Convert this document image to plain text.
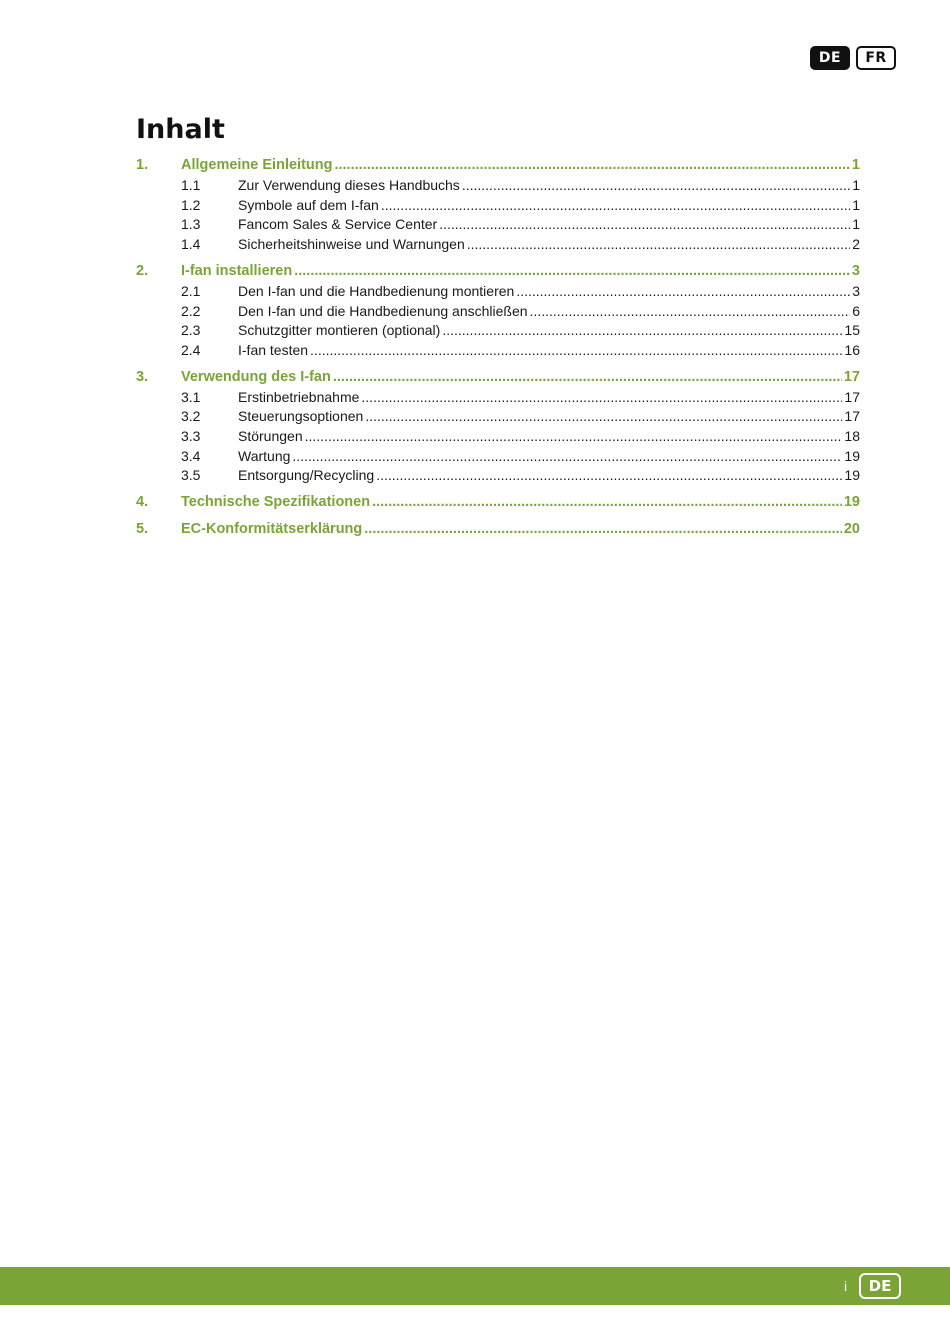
DE	FR
Inhalt
1.	Allgemeine Einleitung .....	1
1.1	Zur Verwendung dieses Handbuchs .....	1
1.2	Symbole auf dem I-fan .....	1
1.3	Fancom Sales & Service Center .....	1
1.4	Sicherheitshinweise und Warnungen .....	2
2.	I-fan installieren .....	3
2.1	Den I-fan und die Handbedienung montieren .....	3
2.2	Den I-fan und die Handbedienung anschließen .....	6
2.3	Schutzgitter montieren (optional) .....	15
2.4	I-fan testen .....	16
3.	Verwendung des I-fan .....	17
3.1	Erstinbetriebnahme .....	17
3.2	Steuerungsoptionen .....	17
3.3	Störungen .....	18
3.4	Wartung .....	19
3.5	Entsorgung/Recycling .....	19
4.	Technische Spezifikationen .....	19
5.	EC-Konformitätserklärung .....	20
i	DE
